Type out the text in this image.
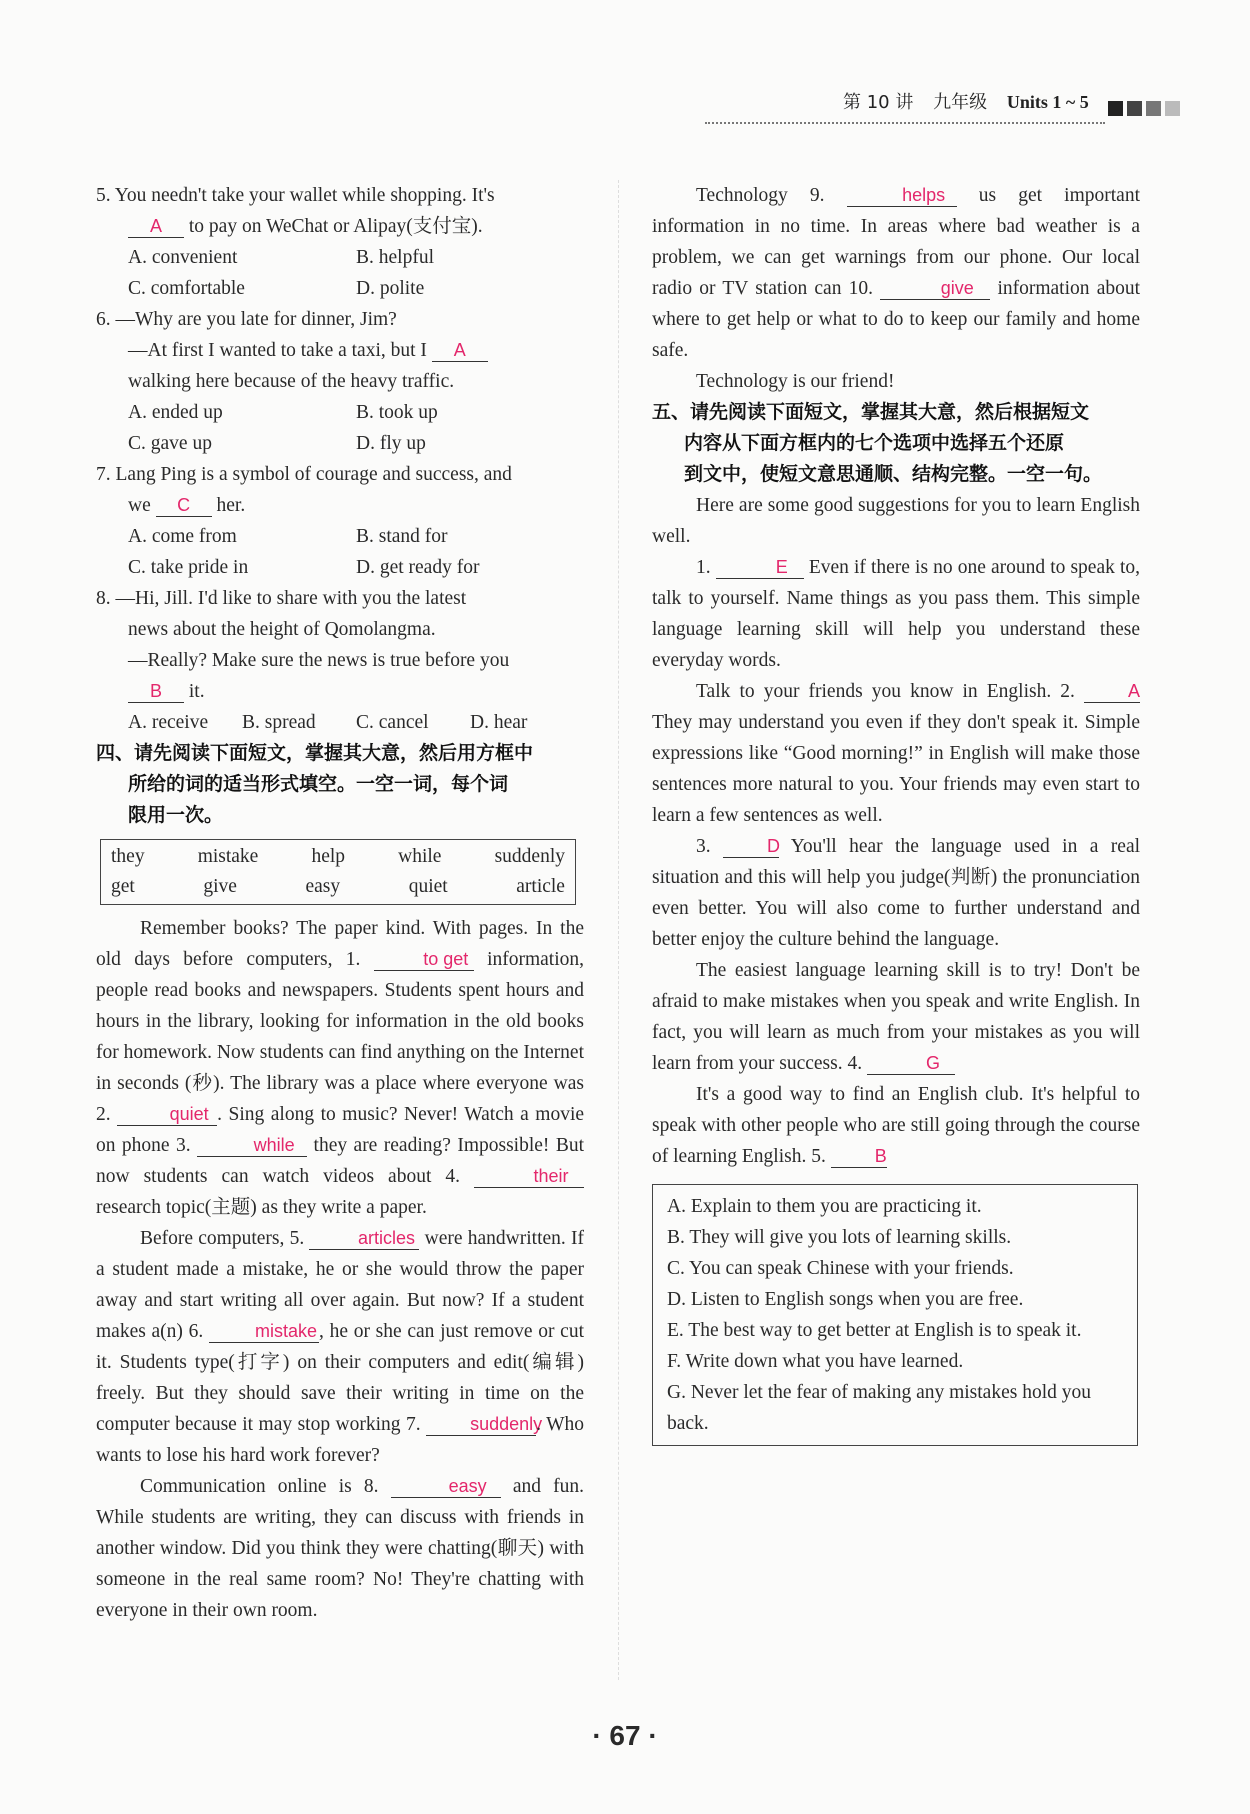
第 10 讲 九年级 Units 1 ~ 5

5. You needn't take your wallet while shopping. It's

A to pay on WeChat or Alipay(支付宝).

A. convenient	B. helpful
C. comfortable	D. polite

6. —Why are you late for dinner, Jim?

—At first I wanted to take a taxi, but I A

walking here because of the heavy traffic.

A. ended up	B. took up
C. gave up	D. fly up

7. Lang Ping is a symbol of courage and success, and

we C her.

A. come from	B. stand for
C. take pride in	D. get ready for

8. —Hi, Jill. I'd like to share with you the latest

news about the height of Qomolangma.

—Really? Make sure the news is true before you

B it.

A. receive	B. spread	C. cancel	D. hear
四、请先阅读下面短文，掌握其大意，然后用方框中
所给的词的适当形式填空。一空一词，每个词
限用一次。
they	mistake	help	while	suddenly
get	give	easy	quiet	article

Remember books? The paper kind. With pages. In the old days before computers, 1.	to get information, people read books and newspapers. Students spent hours and hours in the library, looking for information in the old books for homework. Now students can find anything on the Internet in seconds (秒). The library was a place where everyone was 2.	quiet . Sing along to music? Never! Watch a movie on phone 3.	while they are reading? Impossible! But now students can watch videos about 4.	their research topic(主题) as they write a paper.

Before computers, 5.	articles were handwritten. If a student made a mistake, he or she would throw the paper away and start writing all over again. But now? If a student makes a(n) 6.	mistake , he or she can just remove or cut it. Students type(打字) on their computers and edit(编辑) freely. But they should save their writing in time on the computer because it may stop working 7.	suddenly. Who wants to lose his hard work forever?

Communication online is 8.	easy and fun. While students are writing, they can discuss with friends in another window. Did you think they were chatting(聊天) with someone in the real same room? No! They're chatting with everyone in their own room.

Technology 9.	helps us get important information in no time. In areas where bad weather is a problem, we can get warnings from our phone. Our local radio or TV station can 10.	give information about where to get help or what to do to keep our family and home safe.

Technology is our friend!

五、请先阅读下面短文，掌握其大意，然后根据短文
内容从下面方框内的七个选项中选择五个还原
到文中，使短文意思通顺、结构完整。一空一句。

Here are some good suggestions for you to learn English well.

1.	E Even if there is no one around to speak to, talk to yourself. Name things as you pass them. This simple language learning skill will help you understand these everyday words.

Talk to your friends you know in English. 2.	A They may understand you even if they don't speak it. Simple expressions like “Good morning!” in English will make those sentences more natural to you. Your friends may even start to learn a few sentences as well.

3.	D You'll hear the language used in a real situation and this will help you judge(判断) the pronunciation even better. You will also come to further understand and better enjoy the culture behind the language.

The easiest language learning skill is to try! Don't be afraid to make mistakes when you speak and write English. In fact, you will learn as much from your mistakes as you will learn from your success. 4.	G

It's a good way to find an English club. It's helpful to speak with other people who are still going through the course of learning English. 5.	B

A. Explain to them you are practicing it.

B. They will give you lots of learning skills.

C. You can speak Chinese with your friends.

D. Listen to English songs when you are free.

E. The best way to get better at English is to speak it.

F. Write down what you have learned.

G. Never let the fear of making any mistakes hold you back.

· 67 ·
